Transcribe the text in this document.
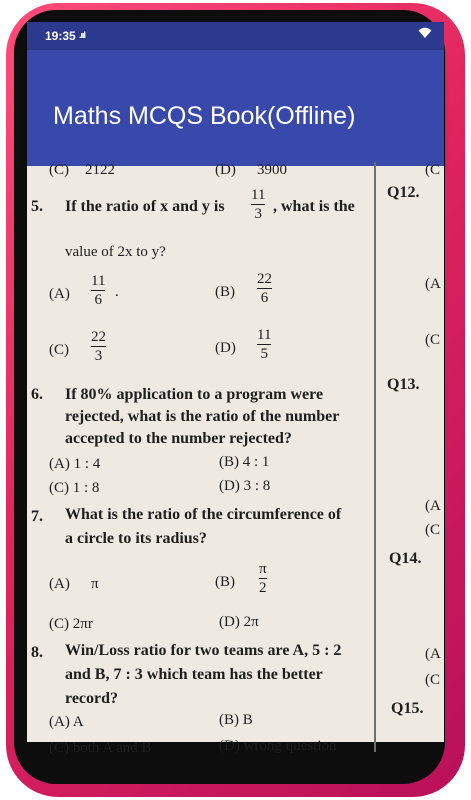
19:35 .ııl
Maths MCQS Book(Offline)
(C) 2122	(D) 3900
5. If the ratio of x and y is
11
3 , what is the
value of 2x to y?
(A)
11
6 .	(B)
22
6
(C)
22
3	(D)
11
5
6. If 80% application to a program were
rejected, what is the ratio of the number
accepted to the number rejected?
(A) 1 : 4	(B) 4 : 1
(C) 1 : 8	(D) 3 : 8
7. What is the ratio of the circumference of
a circle to its radius?
(A) π	(B)
π
2
(C) 2πr	(D) 2π
8. Win/Loss ratio for two teams are A, 5 : 2
and B, 7 : 3 which team has the better
record?
(A) A	(B) B
(C) both A and B	(D) wrong question
(C
Q12.
(A
(C
Q13.
(A
(C
Q14.
(A
(C
Q15.
